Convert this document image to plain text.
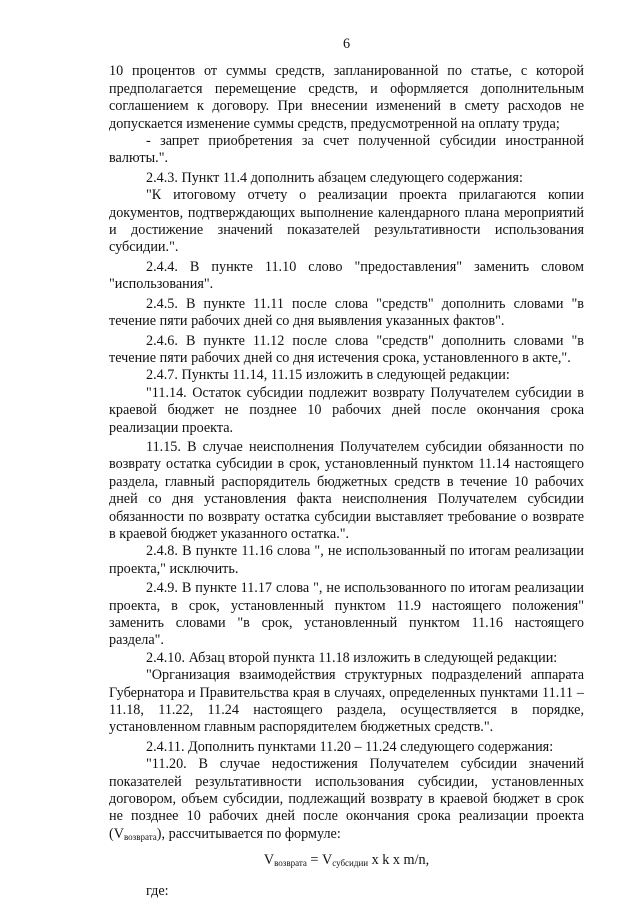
6

10 процентов от суммы средств, запланированной по статье, с которой предполагается перемещение средств, и оформляется дополнительным соглашением к договору. При внесении изменений в смету расходов не допускается изменение суммы средств, предусмотренной на оплату труда;

- запрет приобретения за счет полученной субсидии иностранной валюты.".

2.4.3. Пункт 11.4 дополнить абзацем следующего содержания:

"К итоговому отчету о реализации проекта прилагаются копии документов, подтверждающих выполнение календарного плана мероприятий и достижение значений показателей результативности использования субсидии.".

2.4.4. В пункте 11.10 слово "предоставления" заменить словом "использования".

2.4.5. В пункте 11.11 после слова "средств" дополнить словами "в течение пяти рабочих дней со дня выявления указанных фактов".

2.4.6. В пункте 11.12 после слова "средств" дополнить словами "в течение пяти рабочих дней со дня истечения срока, установленного в акте,".

2.4.7. Пункты 11.14, 11.15 изложить в следующей редакции:

"11.14. Остаток субсидии подлежит возврату Получателем субсидии в краевой бюджет не позднее 10 рабочих дней после окончания срока реализации проекта.

11.15. В случае неисполнения Получателем субсидии обязанности по возврату остатка субсидии в срок, установленный пунктом 11.14 настоящего раздела, главный распорядитель бюджетных средств в течение 10 рабочих дней со дня установления факта неисполнения Получателем субсидии обязанности по возврату остатка субсидии выставляет требование о возврате в краевой бюджет указанного остатка.".

2.4.8. В пункте 11.16 слова ", не использованный по итогам реализации проекта," исключить.

2.4.9. В пункте 11.17 слова ", не использованного по итогам реализации проекта, в срок, установленный пунктом 11.9 настоящего положения" заменить словами "в срок, установленный пунктом 11.16 настоящего раздела".

2.4.10. Абзац второй пункта 11.18 изложить в следующей редакции:

"Организация взаимодействия структурных подразделений аппарата Губернатора и Правительства края в случаях, определенных пунктами 11.11 – 11.18, 11.22, 11.24 настоящего раздела, осуществляется в порядке, установленном главным распорядителем бюджетных средств.".

2.4.11. Дополнить пунктами 11.20 – 11.24 следующего содержания:

"11.20. В случае недостижения Получателем субсидии значений показателей результативности использования субсидии, установленных договором, объем субсидии, подлежащий возврату в краевой бюджет в срок не позднее 10 рабочих дней после окончания срока реализации проекта $(V_{возврата})$, рассчитывается по формуле:

$V_{возврата} = V_{субсидии}$ x k x m/n,

где:
